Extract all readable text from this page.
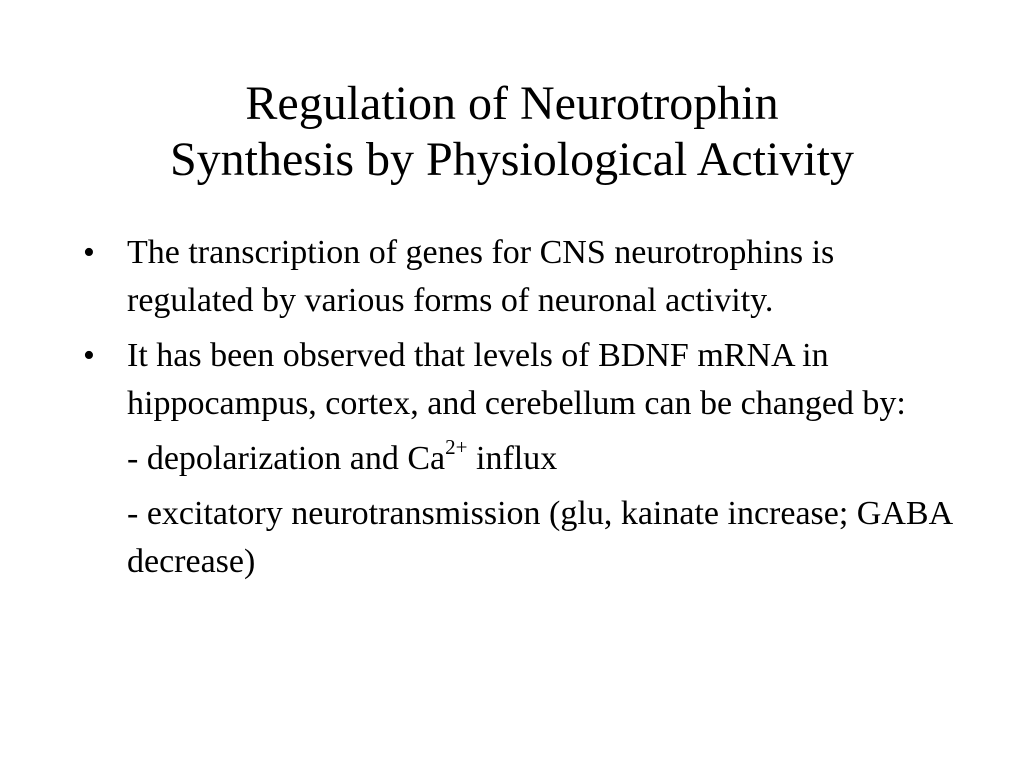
Regulation of Neurotrophin
Synthesis by Physiological Activity
• The transcription of genes for CNS neurotrophins is regulated by various forms of neuronal activity.
• It has been observed that levels of BDNF mRNA in hippocampus, cortex, and cerebellum can be changed by:
- depolarization and $Ca^{2+}$ influx
- excitatory neurotransmission (glu, kainate increase; GABA decrease)
